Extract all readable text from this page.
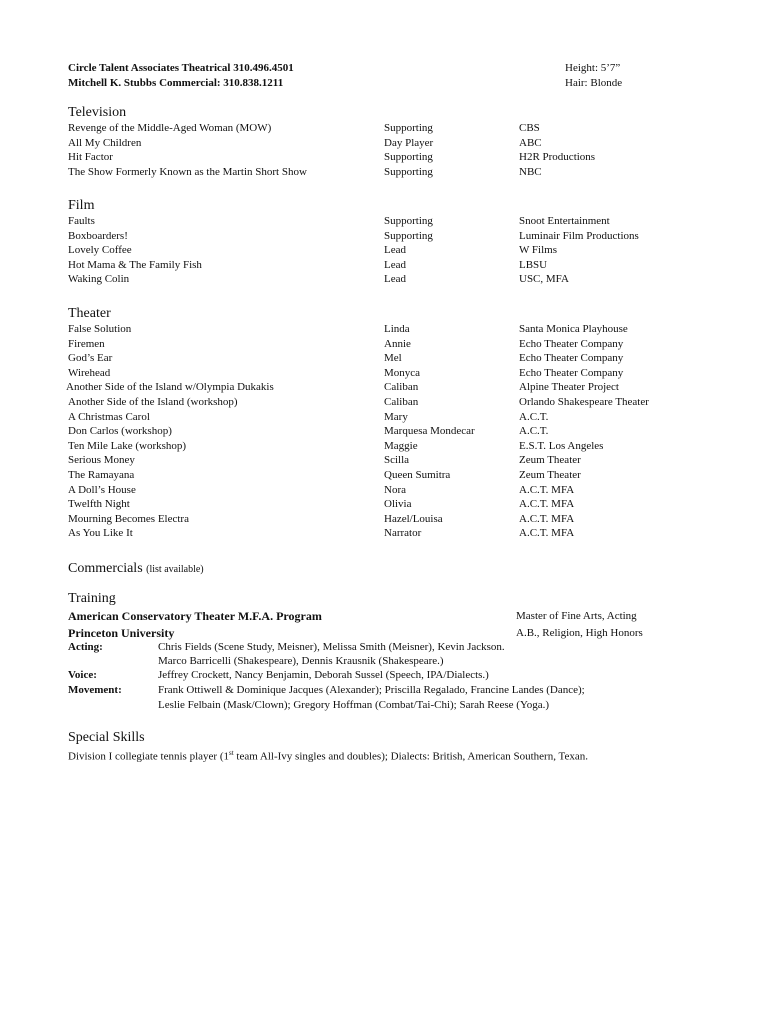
Circle Talent Associates Theatrical 310.496.4501
Mitchell K. Stubbs Commercial: 310.838.1211
Height: 5’7”
Hair: Blonde
Television
Revenge of the Middle-Aged Woman (MOW)	Supporting	CBS
All My Children	Day Player	ABC
Hit Factor	Supporting	H2R Productions
The Show Formerly Known as the Martin Short Show	Supporting	NBC
Film
Faults	Supporting	Snoot Entertainment
Boxboarders!	Supporting	Luminair Film Productions
Lovely Coffee	Lead	W Films
Hot Mama & The Family Fish	Lead	LBSU
Waking Colin	Lead	USC, MFA
Theater
False Solution	Linda	Santa Monica Playhouse
Firemen	Annie	Echo Theater Company
God’s Ear	Mel	Echo Theater Company
Wirehead	Monyca	Echo Theater Company
Another Side of the Island w/Olympia Dukakis	Caliban	Alpine Theater Project
Another Side of the Island (workshop)	Caliban	Orlando Shakespeare Theater
A Christmas Carol	Mary	A.C.T.
Don Carlos (workshop)	Marquesa Mondecar	A.C.T.
Ten Mile Lake (workshop)	Maggie	E.S.T. Los Angeles
Serious Money	Scilla	Zeum Theater
The Ramayana	Queen Sumitra	Zeum Theater
A Doll’s House	Nora	A.C.T. MFA
Twelfth Night	Olivia	A.C.T. MFA
Mourning Becomes Electra	Hazel/Louisa	A.C.T. MFA
As You Like It	Narrator	A.C.T. MFA
Commercials (list available)
Training
American Conservatory Theater M.F.A. Program	Master of Fine Arts, Acting
Princeton University	A.B., Religion, High Honors
Acting:	Chris Fields (Scene Study, Meisner), Melissa Smith (Meisner), Kevin Jackson.
Marco Barricelli (Shakespeare), Dennis Krausnik (Shakespeare.)
Voice:	Jeffrey Crockett, Nancy Benjamin, Deborah Sussel (Speech, IPA/Dialects.)
Movement:	Frank Ottiwell & Dominique Jacques (Alexander); Priscilla Regalado, Francine Landes (Dance);
Leslie Felbain (Mask/Clown); Gregory Hoffman (Combat/Tai-Chi); Sarah Reese (Yoga.)
Special Skills
Division I collegiate tennis player (1st team All-Ivy singles and doubles); Dialects: British, American Southern, Texan.
